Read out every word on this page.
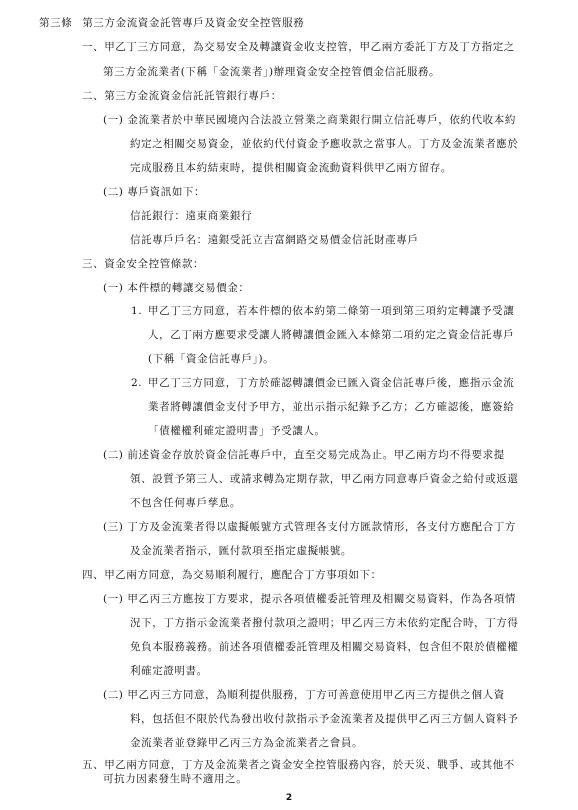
第三條 第三方金流資金託管專戶及資金安全控管服務
一、甲乙丁三方同意，為交易安全及轉讓資金收支控管，甲乙兩方委託丁方及丁方指定之
第三方金流業者(下稱「金流業者」)辦理資金安全控管價金信託服務。
二、第三方金流資金信託託管銀行專戶：
(一) 金流業者於中華民國境內合法設立營業之商業銀行開立信託專戶，依約代收本約
約定之相關交易資金，並依約代付資金予應收款之當事人。丁方及金流業者應於
完成服務且本約結束時，提供相關資金流動資料供甲乙兩方留存。
(二) 專戶資訊如下：
信託銀行：遠東商業銀行
信託專戶戶名：遠銀受託立吉富網路交易價金信託財產專戶
三、資金安全控管條款：
(一) 本件標的轉讓交易價金：
1. 甲乙丁三方同意，若本件標的依本約第二條第一項到第三項約定轉讓予受讓
人，乙丁兩方應要求受讓人將轉讓價金匯入本條第二項約定之資金信託專戶
(下稱「資金信託專戶」)。
2. 甲乙丁三方同意，丁方於確認轉讓價金已匯入資金信託專戶後，應指示金流
業者將轉讓價金支付予甲方，並出示指示紀錄予乙方；乙方確認後，應簽給
「債權權利確定證明書」予受讓人。
(二) 前述資金存放於資金信託專戶中，直至交易完成為止。甲乙兩方均不得要求提
領、設質予第三人、或請求轉為定期存款，甲乙兩方同意專戶資金之給付或返還
不包含任何專戶孳息。
(三) 丁方及金流業者得以虛擬帳號方式管理各支付方匯款情形，各支付方應配合丁方
及金流業者指示，匯付款項至指定虛擬帳號。
四、甲乙兩方同意，為交易順利履行，應配合丁方事項如下：
(一) 甲乙丙三方應按丁方要求，提示各項債權委託管理及相關交易資料，作為各項情
況下，丁方指示金流業者撥付款項之證明；甲乙丙三方未依約定配合時，丁方得
免負本服務義務。前述各項債權委託管理及相關交易資料，包含但不限於債權權
利確定證明書。
(二) 甲乙丙三方同意，為順利提供服務，丁方可善意使用甲乙丙三方提供之個人資
料，包括但不限於代為發出收付款指示予金流業者及提供甲乙丙三方個人資料予
金流業者並登錄甲乙丙三方為金流業者之會員。
五、甲乙兩方同意，丁方及金流業者之資金安全控管服務內容，於天災、戰爭、或其他不
可抗力因素發生時不適用之。
2
